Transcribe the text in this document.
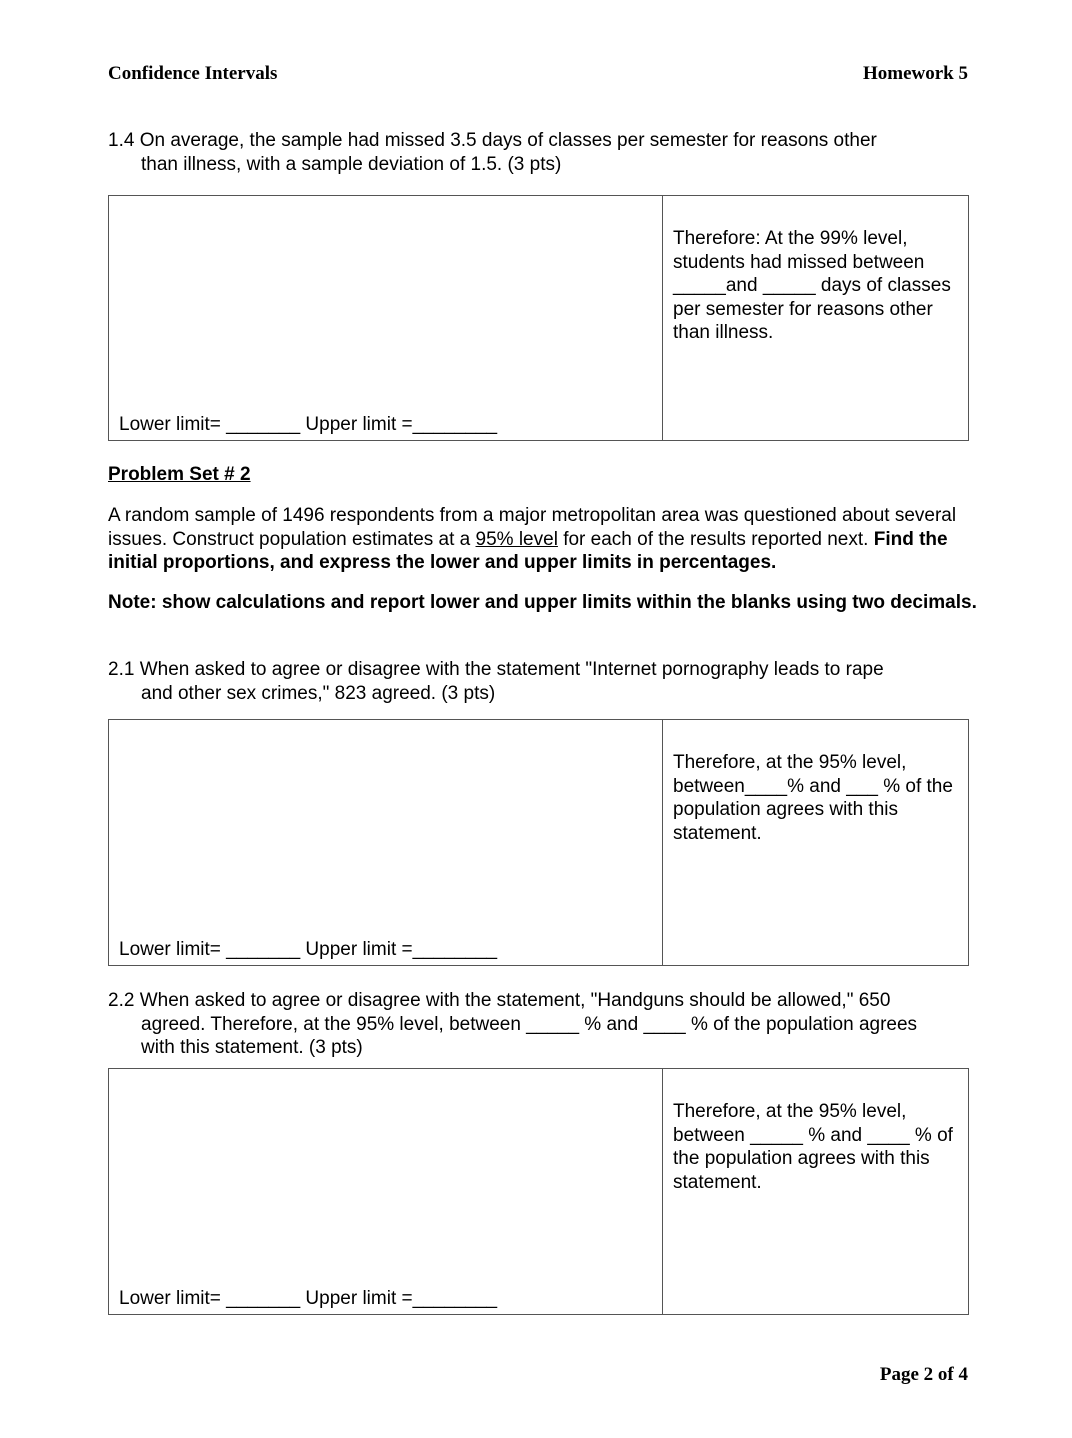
Confidence Intervals	Homework 5
1.4 On average, the sample had missed 3.5 days of classes per semester for reasons other
than illness, with a sample deviation of 1.5. (3 pts)
Lower limit= _______ Upper limit =________
Therefore: At the 99% level, students had missed between _____and _____ days of classes per semester for reasons other than illness.
Problem Set # 2
A random sample of 1496 respondents from a major metropolitan area was questioned about several issues. Construct population estimates at a 95% level for each of the results reported next. Find the initial proportions, and express the lower and upper limits in percentages.
Note: show calculations and report lower and upper limits within the blanks using two decimals.
2.1 When asked to agree or disagree with the statement "Internet pornography leads to rape
and other sex crimes," 823 agreed. (3 pts)
Lower limit= _______ Upper limit =________
Therefore, at the 95% level, between____% and ___ % of the population agrees with this statement.
2.2 When asked to agree or disagree with the statement, "Handguns should be allowed," 650
agreed. Therefore, at the 95% level, between _____ % and ____ % of the population agrees
with this statement. (3 pts)
Lower limit= _______ Upper limit =________
Therefore, at the 95% level, between _____ % and ____ % of the population agrees with this statement.
Page 2 of 4
